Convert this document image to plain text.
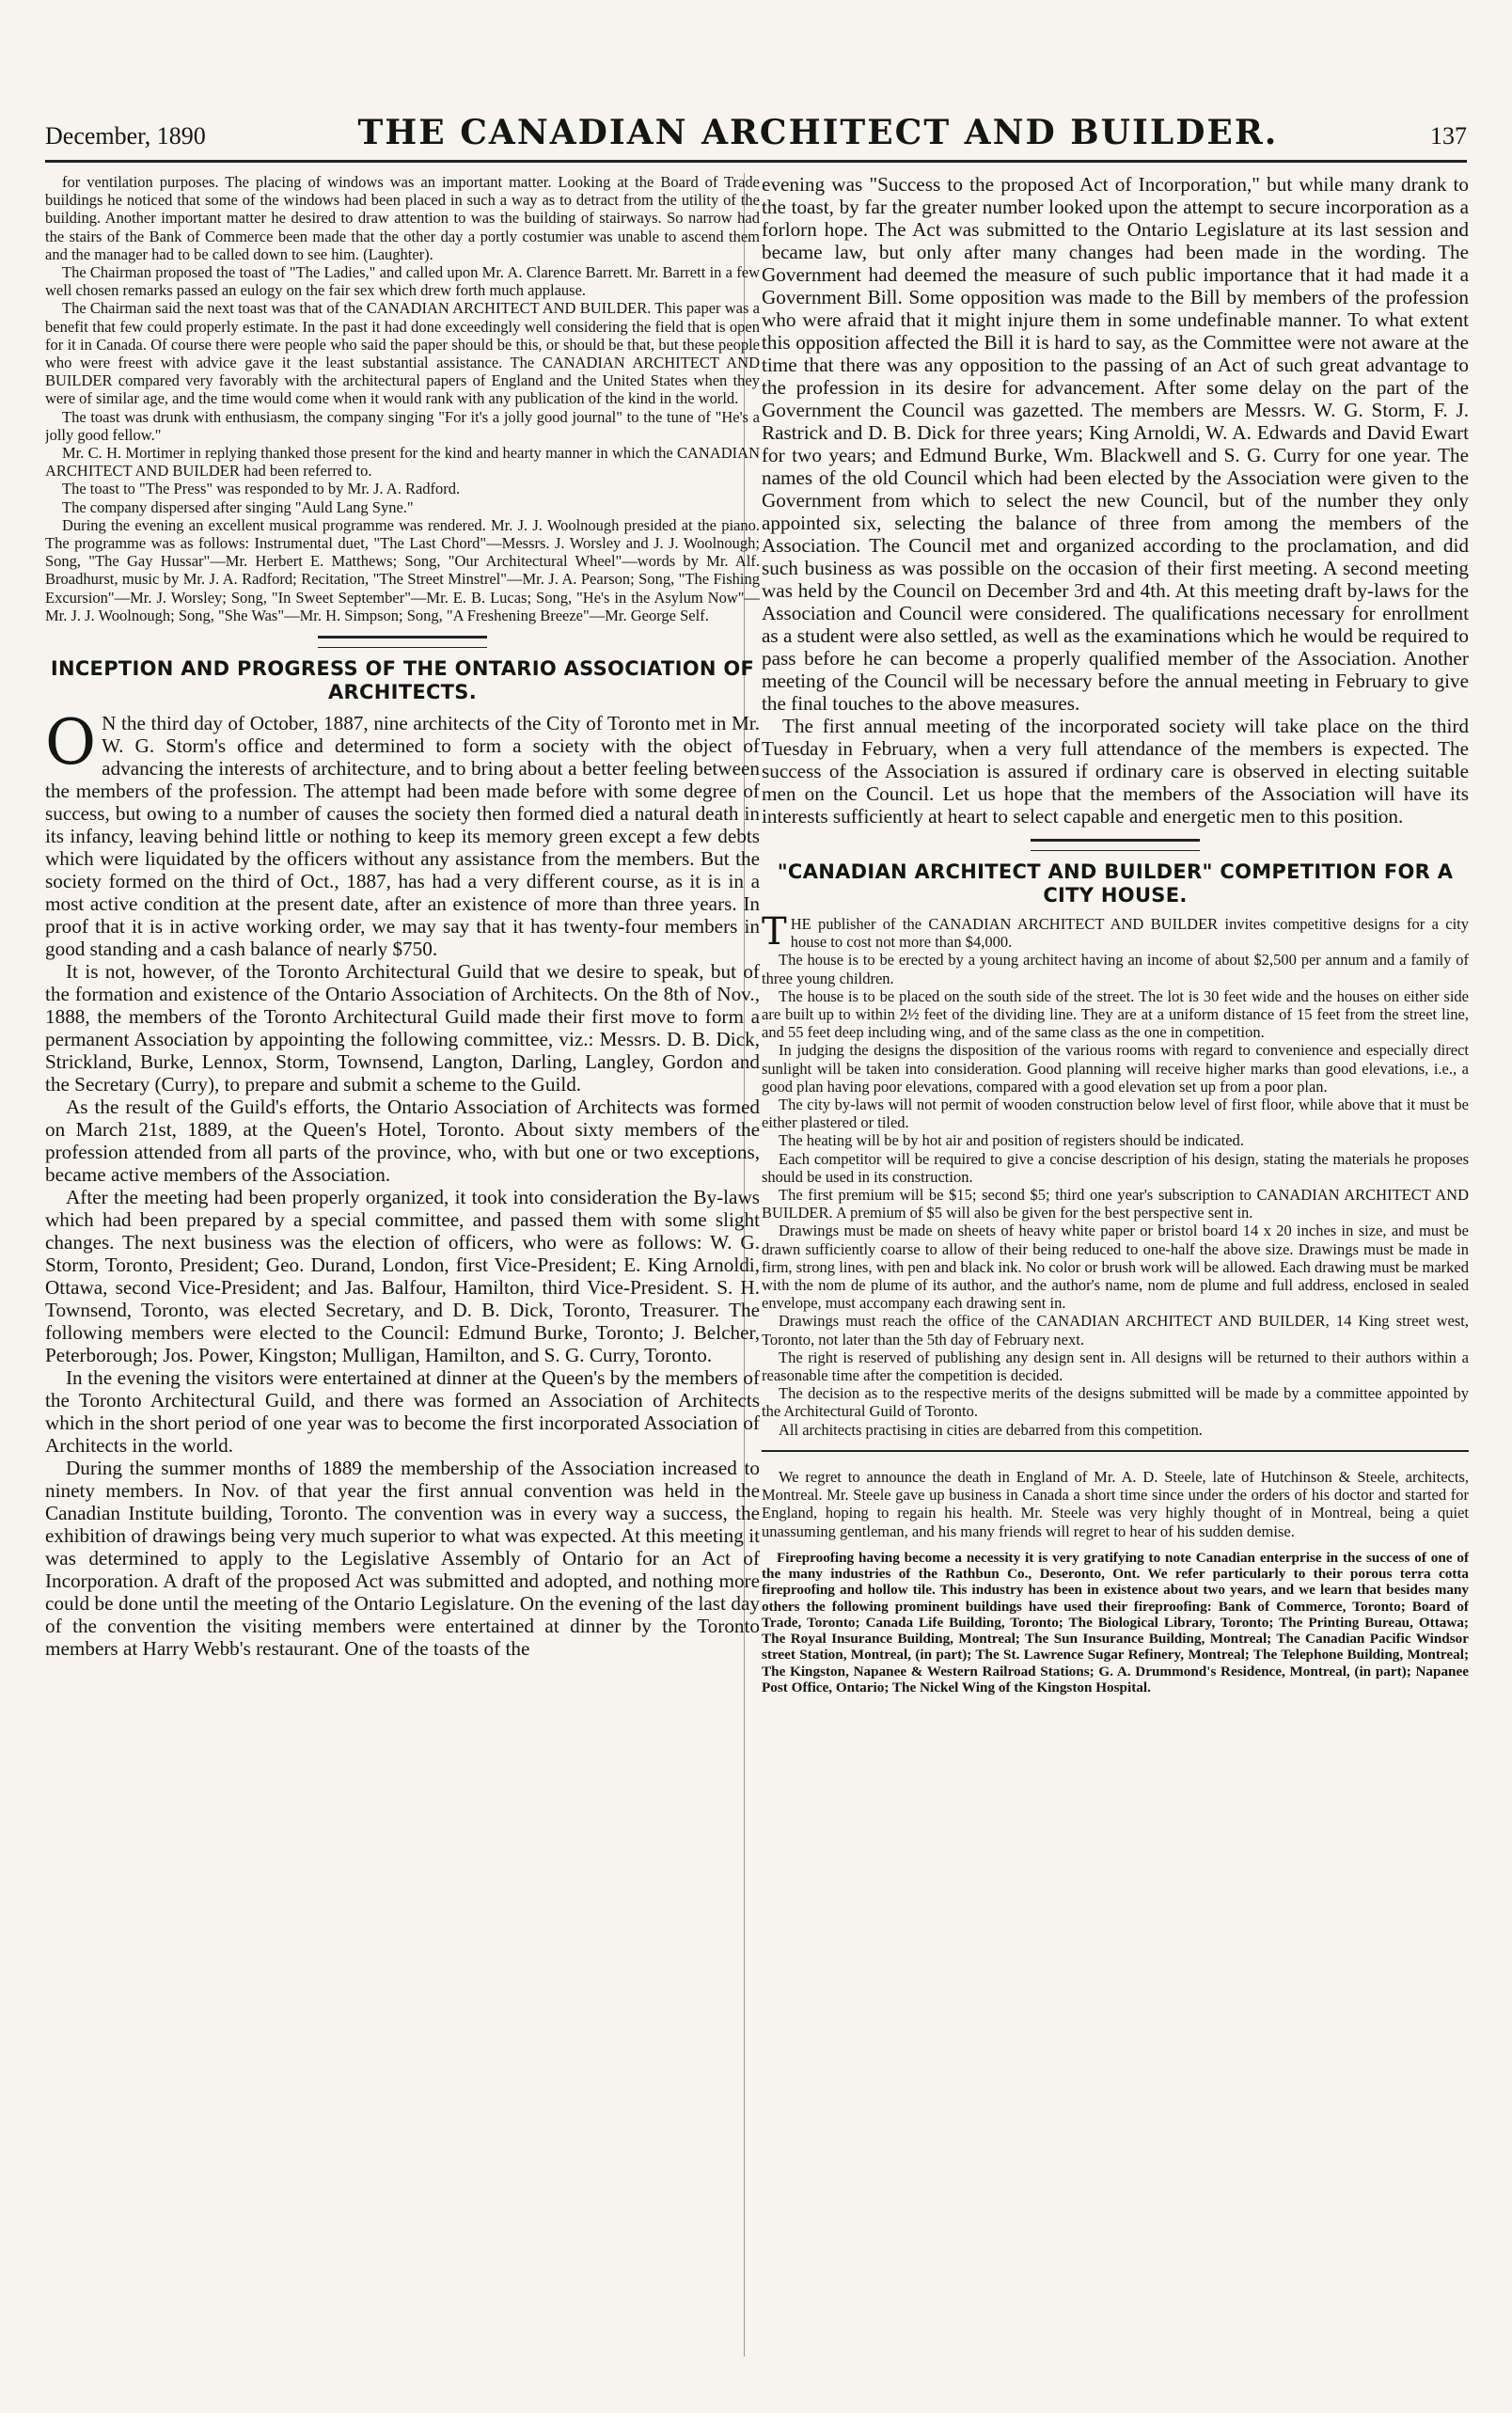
December, 1890	THE CANADIAN ARCHITECT AND BUILDER.	137

for ventilation purposes. The placing of windows was an important matter. Looking at the Board of Trade buildings he noticed that some of the windows had been placed in such a way as to detract from the utility of the building. Another important matter he desired to draw attention to was the building of stairways. So narrow had the stairs of the Bank of Commerce been made that the other day a portly costumier was unable to ascend them and the manager had to be called down to see him. (Laughter).

The Chairman proposed the toast of "The Ladies," and called upon Mr. A. Clarence Barrett. Mr. Barrett in a few well chosen remarks passed an eulogy on the fair sex which drew forth much applause.

The Chairman said the next toast was that of the CANADIAN ARCHITECT AND BUILDER. This paper was a benefit that few could properly estimate. In the past it had done exceedingly well considering the field that is open for it in Canada. Of course there were people who said the paper should be this, or should be that, but these people who were freest with advice gave it the least substantial assistance. The CANADIAN ARCHITECT AND BUILDER compared very favorably with the architectural papers of England and the United States when they were of similar age, and the time would come when it would rank with any publication of the kind in the world.

The toast was drunk with enthusiasm, the company singing "For it's a jolly good journal" to the tune of "He's a jolly good fellow."

Mr. C. H. Mortimer in replying thanked those present for the kind and hearty manner in which the CANADIAN ARCHITECT AND BUILDER had been referred to.

The toast to "The Press" was responded to by Mr. J. A. Radford.

The company dispersed after singing "Auld Lang Syne."

During the evening an excellent musical programme was rendered. Mr. J. J. Woolnough presided at the piano. The programme was as follows: Instrumental duet, "The Last Chord"—Messrs. J. Worsley and J. J. Woolnough; Song, "The Gay Hussar"—Mr. Herbert E. Matthews; Song, "Our Architectural Wheel"—words by Mr. Alf. Broadhurst, music by Mr. J. A. Radford; Recitation, "The Street Minstrel"—Mr. J. A. Pearson; Song, "The Fishing Excursion"—Mr. J. Worsley; Song, "In Sweet September"—Mr. E. B. Lucas; Song, "He's in the Asylum Now"—Mr. J. J. Woolnough; Song, "She Was"—Mr. H. Simpson; Song, "A Freshening Breeze"—Mr. George Self.

INCEPTION AND PROGRESS OF THE ONTARIO ASSOCIATION OF ARCHITECTS.

O N the third day of October, 1887, nine architects of the City of Toronto met in Mr. W. G. Storm's office and determined to form a society with the object of advancing the interests of architecture, and to bring about a better feeling between the members of the profession. The attempt had been made before with some degree of success, but owing to a number of causes the society then formed died a natural death in its infancy, leaving behind little or nothing to keep its memory green except a few debts which were liquidated by the officers without any assistance from the members. But the society formed on the third of Oct., 1887, has had a very different course, as it is in a most active condition at the present date, after an existence of more than three years. In proof that it is in active working order, we may say that it has twenty-four members in good standing and a cash balance of nearly $750.

It is not, however, of the Toronto Architectural Guild that we desire to speak, but of the formation and existence of the Ontario Association of Architects. On the 8th of Nov., 1888, the members of the Toronto Architectural Guild made their first move to form a permanent Association by appointing the following committee, viz.: Messrs. D. B. Dick, Strickland, Burke, Lennox, Storm, Townsend, Langton, Darling, Langley, Gordon and the Secretary (Curry), to prepare and submit a scheme to the Guild.

As the result of the Guild's efforts, the Ontario Association of Architects was formed on March 21st, 1889, at the Queen's Hotel, Toronto. About sixty members of the profession attended from all parts of the province, who, with but one or two exceptions, became active members of the Association.

After the meeting had been properly organized, it took into consideration the By-laws which had been prepared by a special committee, and passed them with some slight changes. The next business was the election of officers, who were as follows: W. G. Storm, Toronto, President; Geo. Durand, London, first Vice-President; E. King Arnoldi, Ottawa, second Vice-President; and Jas. Balfour, Hamilton, third Vice-President. S. H. Townsend, Toronto, was elected Secretary, and D. B. Dick, Toronto, Treasurer. The following members were elected to the Council: Edmund Burke, Toronto; J. Belcher, Peterborough; Jos. Power, Kingston; Mulligan, Hamilton, and S. G. Curry, Toronto.

In the evening the visitors were entertained at dinner at the Queen's by the members of the Toronto Architectural Guild, and there was formed an Association of Architects which in the short period of one year was to become the first incorporated Association of Architects in the world.

During the summer months of 1889 the membership of the Association increased to ninety members. In Nov. of that year the first annual convention was held in the Canadian Institute building, Toronto. The convention was in every way a success, the exhibition of drawings being very much superior to what was expected. At this meeting it was determined to apply to the Legislative Assembly of Ontario for an Act of Incorporation. A draft of the proposed Act was submitted and adopted, and nothing more could be done until the meeting of the Ontario Legislature. On the evening of the last day of the convention the visiting members were entertained at dinner by the Toronto members at Harry Webb's restaurant. One of the toasts of the

evening was "Success to the proposed Act of Incorporation," but while many drank to the toast, by far the greater number looked upon the attempt to secure incorporation as a forlorn hope. The Act was submitted to the Ontario Legislature at its last session and became law, but only after many changes had been made in the wording. The Government had deemed the measure of such public importance that it had made it a Government Bill. Some opposition was made to the Bill by members of the profession who were afraid that it might injure them in some undefinable manner. To what extent this opposition affected the Bill it is hard to say, as the Committee were not aware at the time that there was any opposition to the passing of an Act of such great advantage to the profession in its desire for advancement. After some delay on the part of the Government the Council was gazetted. The members are Messrs. W. G. Storm, F. J. Rastrick and D. B. Dick for three years; King Arnoldi, W. A. Edwards and David Ewart for two years; and Edmund Burke, Wm. Blackwell and S. G. Curry for one year. The names of the old Council which had been elected by the Association were given to the Government from which to select the new Council, but of the number they only appointed six, selecting the balance of three from among the members of the Association. The Council met and organized according to the proclamation, and did such business as was possible on the occasion of their first meeting. A second meeting was held by the Council on December 3rd and 4th. At this meeting draft by-laws for the Association and Council were considered. The qualifications necessary for enrollment as a student were also settled, as well as the examinations which he would be required to pass before he can become a properly qualified member of the Association. Another meeting of the Council will be necessary before the annual meeting in February to give the final touches to the above measures.

The first annual meeting of the incorporated society will take place on the third Tuesday in February, when a very full attendance of the members is expected. The success of the Association is assured if ordinary care is observed in electing suitable men on the Council. Let us hope that the members of the Association will have its interests sufficiently at heart to select capable and energetic men to this position.

"CANADIAN ARCHITECT AND BUILDER" COMPETITION FOR A CITY HOUSE.

THE publisher of the CANADIAN ARCHITECT AND BUILDER invites competitive designs for a city house to cost not more than $4,000.

The house is to be erected by a young architect having an income of about $2,500 per annum and a family of three young children.

The house is to be placed on the south side of the street. The lot is 30 feet wide and the houses on either side are built up to within 2½ feet of the dividing line. They are at a uniform distance of 15 feet from the street line, and 55 feet deep including wing, and of the same class as the one in competition.

In judging the designs the disposition of the various rooms with regard to convenience and especially direct sunlight will be taken into consideration. Good planning will receive higher marks than good elevations, i.e., a good plan having poor elevations, compared with a good elevation set up from a poor plan.

The city by-laws will not permit of wooden construction below level of first floor, while above that it must be either plastered or tiled.

The heating will be by hot air and position of registers should be indicated.

Each competitor will be required to give a concise description of his design, stating the materials he proposes should be used in its construction.

The first premium will be $15; second $5; third one year's subscription to CANADIAN ARCHITECT AND BUILDER. A premium of $5 will also be given for the best perspective sent in.

Drawings must be made on sheets of heavy white paper or bristol board 14 x 20 inches in size, and must be drawn sufficiently coarse to allow of their being reduced to one-half the above size. Drawings must be made in firm, strong lines, with pen and black ink. No color or brush work will be allowed. Each drawing must be marked with the nom de plume of its author, and the author's name, nom de plume and full address, enclosed in sealed envelope, must accompany each drawing sent in.

Drawings must reach the office of the CANADIAN ARCHITECT AND BUILDER, 14 King street west, Toronto, not later than the 5th day of February next.

The right is reserved of publishing any design sent in. All designs will be returned to their authors within a reasonable time after the competition is decided.

The decision as to the respective merits of the designs submitted will be made by a committee appointed by the Architectural Guild of Toronto.

All architects practising in cities are debarred from this competition.

We regret to announce the death in England of Mr. A. D. Steele, late of Hutchinson & Steele, architects, Montreal. Mr. Steele gave up business in Canada a short time since under the orders of his doctor and started for England, hoping to regain his health. Mr. Steele was very highly thought of in Montreal, being a quiet unassuming gentleman, and his many friends will regret to hear of his sudden demise.

Fireproofing having become a necessity it is very gratifying to note Canadian enterprise in the success of one of the many industries of the Rathbun Co., Deseronto, Ont. We refer particularly to their porous terra cotta fireproofing and hollow tile. This industry has been in existence about two years, and we learn that besides many others the following prominent buildings have used their fireproofing: Bank of Commerce, Toronto; Board of Trade, Toronto; Canada Life Building, Toronto; The Biological Library, Toronto; The Printing Bureau, Ottawa; The Royal Insurance Building, Montreal; The Sun Insurance Building, Montreal; The Canadian Pacific Windsor street Station, Montreal, (in part); The St. Lawrence Sugar Refinery, Montreal; The Telephone Building, Montreal; The Kingston, Napanee & Western Railroad Stations; G. A. Drummond's Residence, Montreal, (in part); Napanee Post Office, Ontario; The Nickel Wing of the Kingston Hospital.
